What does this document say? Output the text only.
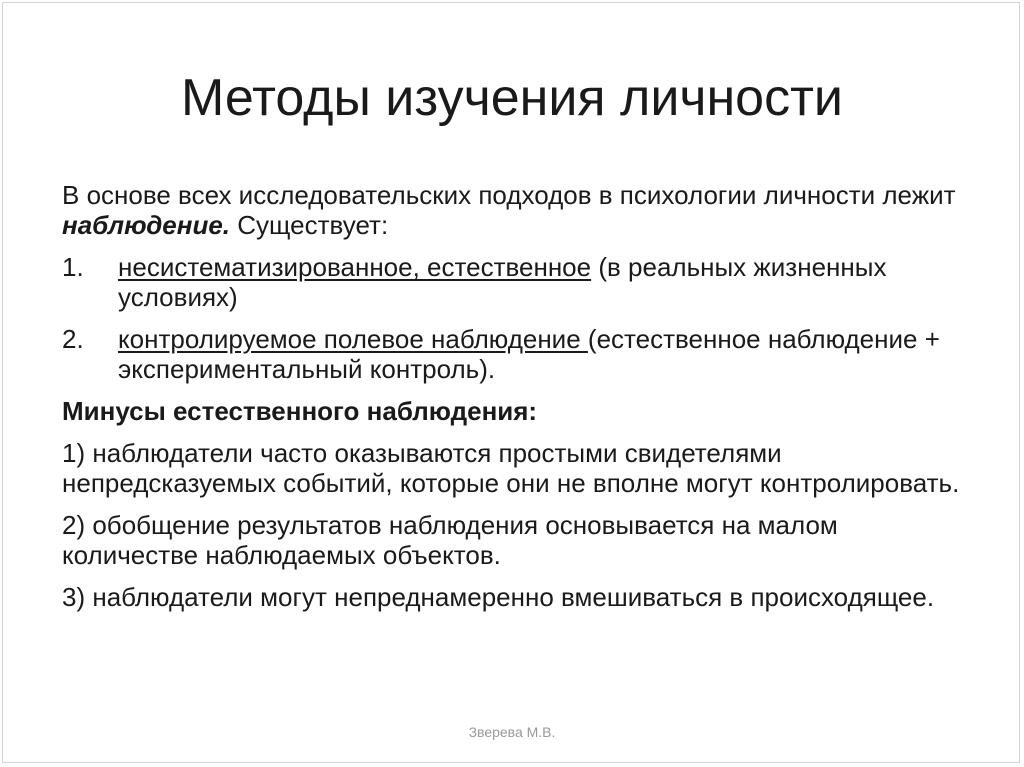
Методы изучения личности

В основе всех исследовательских подходов в психологии личности лежит наблюдение. Существует:

1.	несистематизированное, естественное (в реальных жизненных условиях)
2.	контролируемое полевое наблюдение (естественное наблюдение + экспериментальный контроль).

Минусы естественного наблюдения:

1) наблюдатели часто оказываются простыми свидетелями непредсказуемых событий, которые они не вполне могут контролировать.

2) обобщение результатов наблюдения основывается на малом количестве наблюдаемых объектов.

3) наблюдатели могут непреднамеренно вмешиваться в происходящее.

Зверева М.В.
